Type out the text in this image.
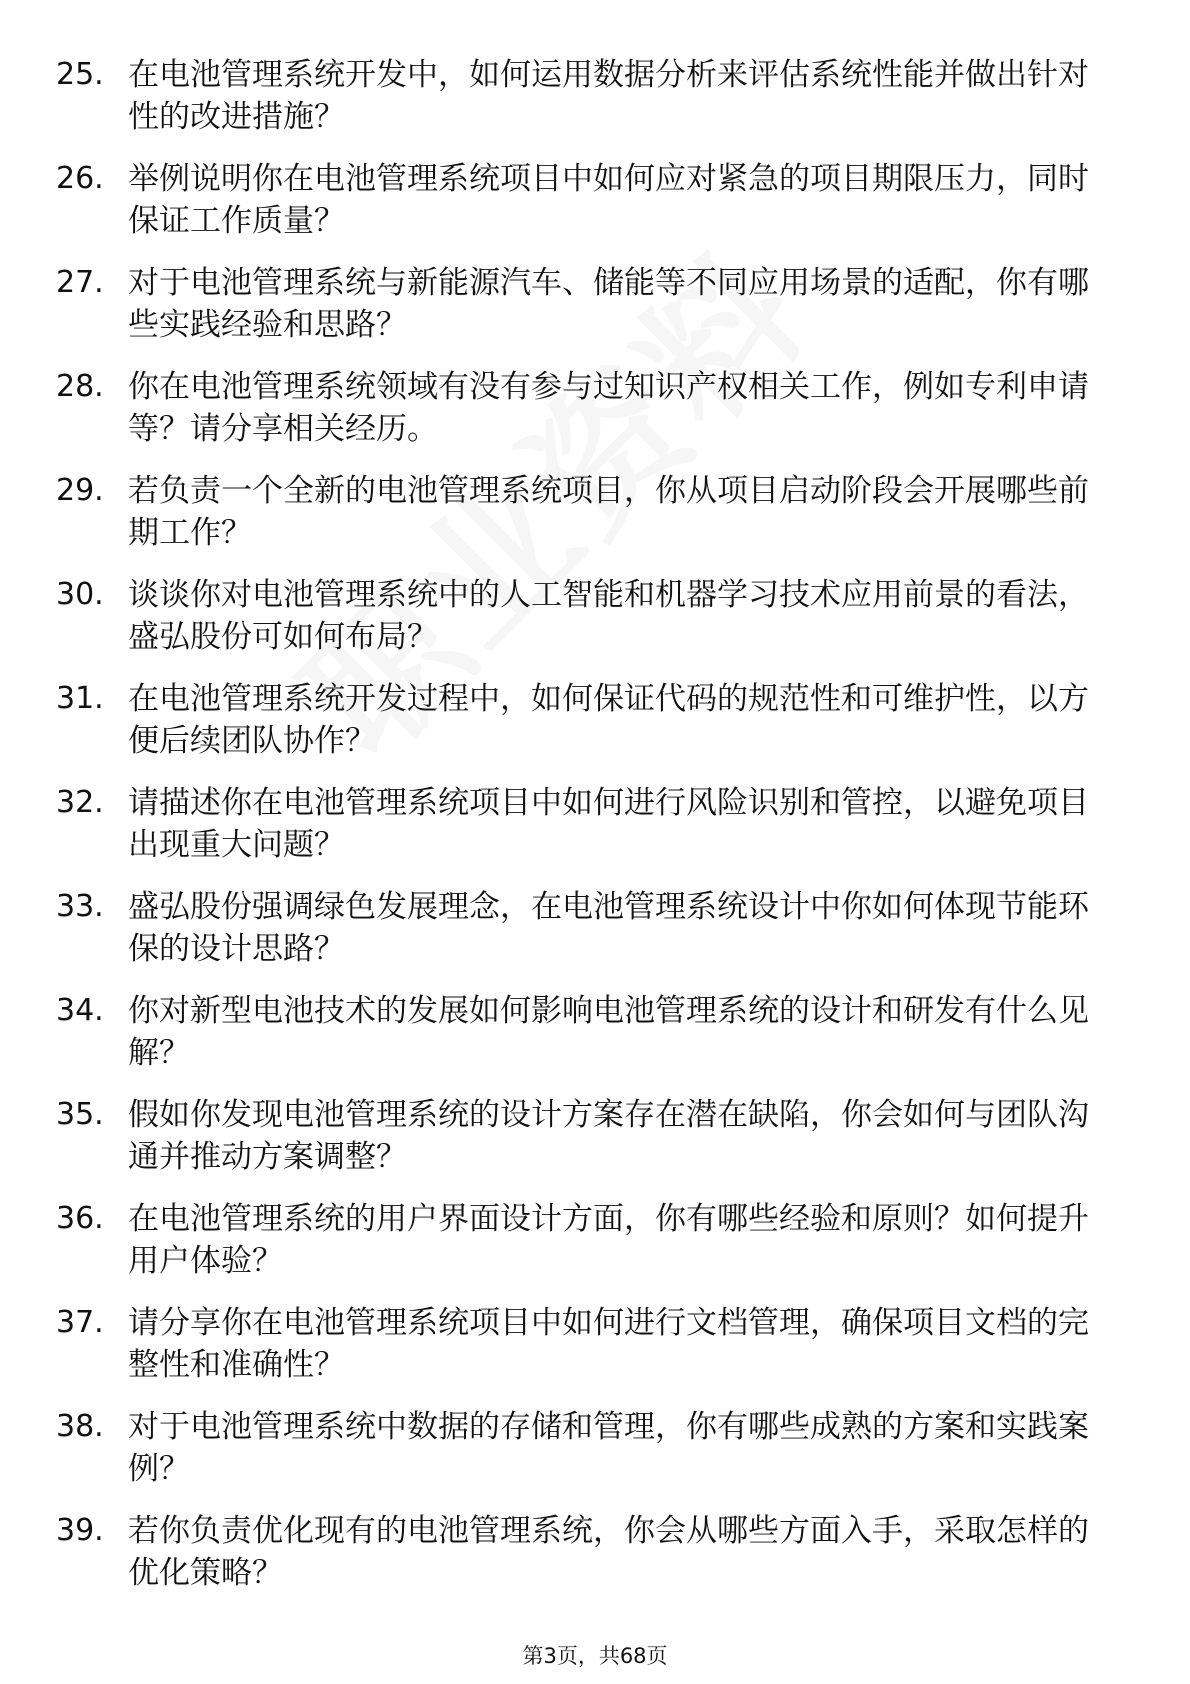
25. 在电池管理系统开发中，如何运用数据分析来评估系统性能并做出针对性的改进措施？
26. 举例说明你在电池管理系统项目中如何应对紧急的项目期限压力，同时保证工作质量？
27. 对于电池管理系统与新能源汽车、储能等不同应用场景的适配，你有哪些实践经验和思路？
28. 你在电池管理系统领域有没有参与过知识产权相关工作，例如专利申请等？请分享相关经历。
29. 若负责一个全新的电池管理系统项目，你从项目启动阶段会开展哪些前期工作？
30. 谈谈你对电池管理系统中的人工智能和机器学习技术应用前景的看法，盛弘股份可如何布局？
31. 在电池管理系统开发过程中，如何保证代码的规范性和可维护性，以方便后续团队协作？
32. 请描述你在电池管理系统项目中如何进行风险识别和管控，以避免项目出现重大问题？
33. 盛弘股份强调绿色发展理念，在电池管理系统设计中你如何体现节能环保的设计思路？
34. 你对新型电池技术的发展如何影响电池管理系统的设计和研发有什么见解？
35. 假如你发现电池管理系统的设计方案存在潜在缺陷，你会如何与团队沟通并推动方案调整？
36. 在电池管理系统的用户界面设计方面，你有哪些经验和原则？如何提升用户体验？
37. 请分享你在电池管理系统项目中如何进行文档管理，确保项目文档的完整性和准确性？
38. 对于电池管理系统中数据的存储和管理，你有哪些成熟的方案和实践案例？
39. 若你负责优化现有的电池管理系统，你会从哪些方面入手，采取怎样的优化策略？
第3页，共68页
